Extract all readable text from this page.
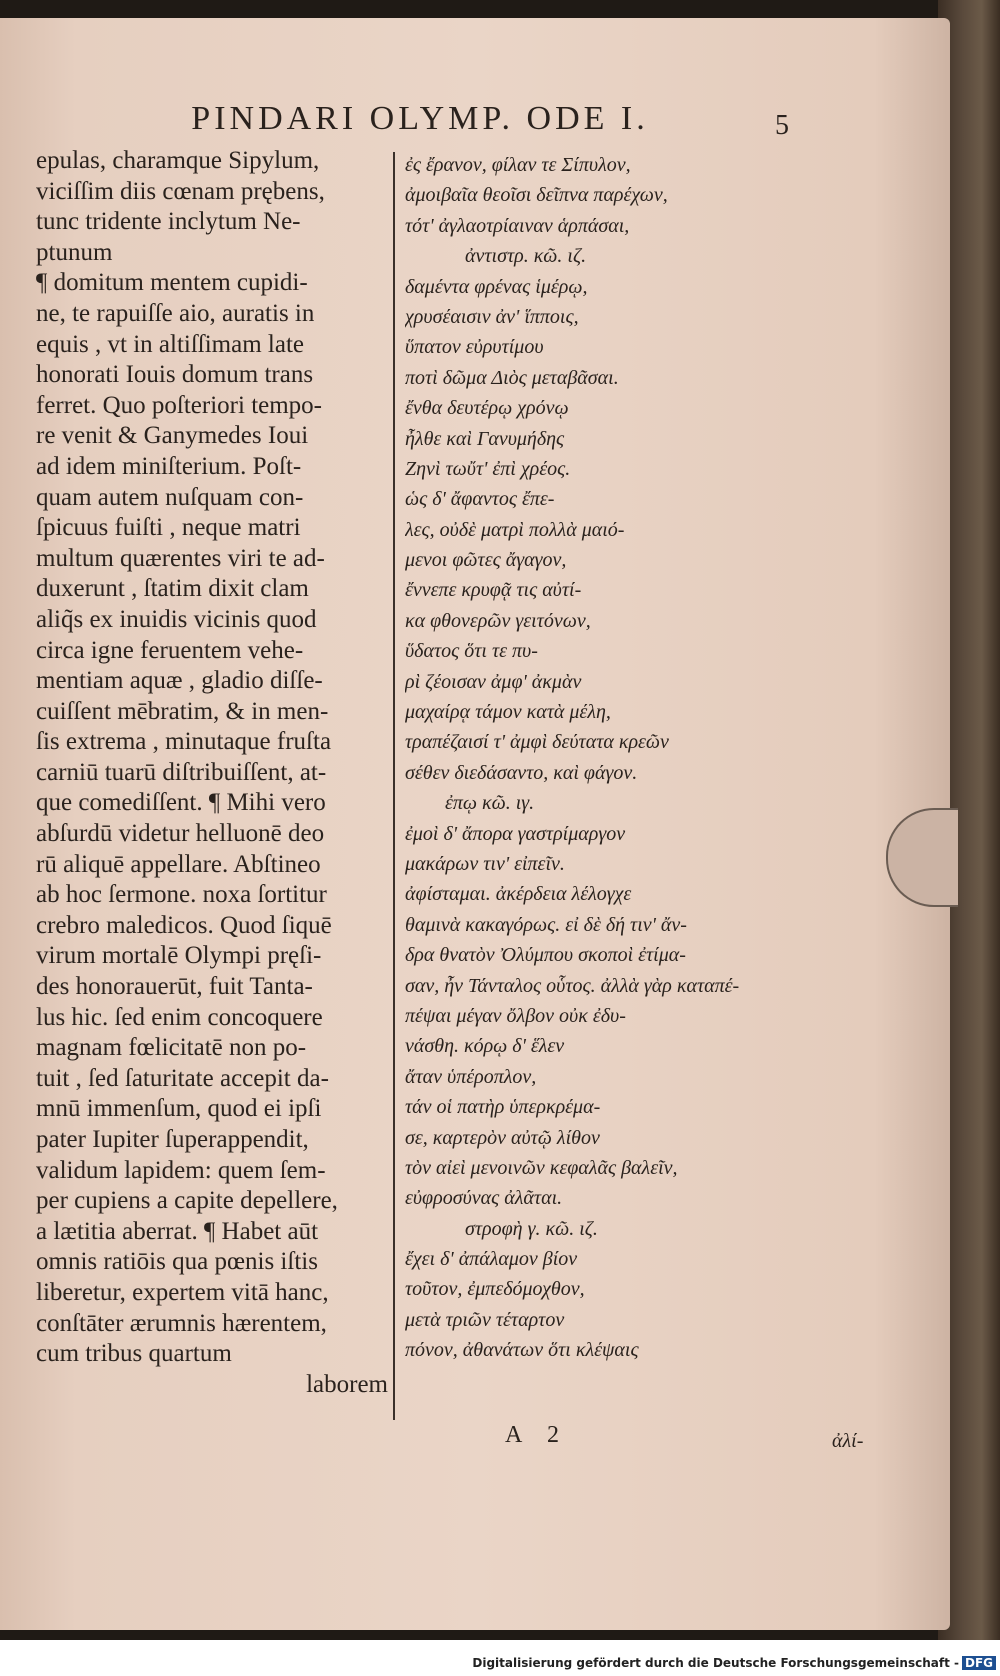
PINDARI OLYMP. ODE I.	5
epulas, charamque Sipylum,
viciſſim diis cœnam prębens,
tunc tridente inclytum Ne-
ptunum
¶ domitum mentem cupidi-
ne, te rapuiſſe aio, auratis in
equis , vt in altiſſimam late
honorati Iouis domum trans
ferret. Quo poſteriori tempo-
re venit & Ganymedes Ioui
ad idem miniſterium. Poſt-
quam autem nuſquam con-
ſpicuus fuiſti , neque matri
multum quærentes viri te ad-
duxerunt , ſtatim dixit clam
aliq̃s ex inuidis vicinis quod
circa igne feruentem vehe-
mentiam aquæ , gladio diſſe-
cuiſſent mēbratim, & in men-
ſis extrema , minutaque fruſta
carniū tuarū diſtribuiſſent, at-
que comediſſent. ¶ Mihi vero
abſurdū videtur helluonē deo
rū aliquē appellare. Abſtineo
ab hoc ſermone. noxa ſortitur
crebro maledicos. Quod ſiquē
virum mortalē Olympi pręſi-
des honorauerūt, fuit Tanta-
lus hic. ſed enim concoquere
magnam fœlicitatē non po-
tuit , ſed ſaturitate accepit da-
mnū immenſum, quod ei ipſi
pater Iupiter ſuperappendit,
validum lapidem: quem ſem-
per cupiens a capite depellere,
a lætitia aberrat. ¶ Habet aūt
omnis ratiōis qua pœnis iſtis
liberetur, expertem vitā hanc,
conſtāter ærumnis hærentem,
cum tribus quartum
laborem
ἐς ἔρανον, φίλαν τε Σίπυλον,
ἀμοιβαῖα θεοῖσι δεῖπνα παρέχων,
τότ' ἀγλαοτρίαιναν ἁρπάσαι,
ἀντιστρ. κῶ. ιζ.
δαμέντα φρένας ἱμέρῳ,
χρυσέαισιν ἀν' ἵπποις,
ὕπατον εὐρυτίμου
ποτὶ δῶμα Διὸς μεταβᾶσαι.
ἔνθα δευτέρῳ χρόνῳ
ἦλθε καὶ Γανυμήδης
Ζηνὶ τωὔτ' ἐπὶ χρέος.
ὡς δ' ἄφαντος ἔπε-
λες, οὐδὲ ματρὶ πολλὰ μαιό-
μενοι φῶτες ἄγαγον,
ἔννεπε κρυφᾷ τις αὐτί-
κα φθονερῶν γειτόνων,
ὕδατος ὅτι τε πυ-
ρὶ ζέοισαν ἀμφ' ἀκμὰν
μαχαίρᾳ τάμον κατὰ μέλη,
τραπέζαισί τ' ἀμφὶ δεύτατα κρεῶν
σέθεν διεδάσαντο, καὶ φάγον.
ἐπῳ κῶ. ιγ.
ἐμοὶ δ' ἄπορα γαστρίμαργον
μακάρων τιν' εἰπεῖν.
ἀφίσταμαι. ἀκέρδεια λέλογχε
θαμινὰ κακαγόρως. εἰ δὲ δή τιν' ἄν-
δρα θνατὸν Ὀλύμπου σκοποὶ ἐτίμα-
σαν, ἦν Τάνταλος οὗτος. ἀλλὰ γὰρ καταπέ-
πέψαι μέγαν ὄλβον οὐκ ἐδυ-
νάσθη. κόρῳ δ' ἕλεν
ἄταν ὑπέροπλον,
τάν οἱ πατὴρ ὑπερκρέμα-
σε, καρτερὸν αὐτῷ λίθον
τὸν αἰεὶ μενοινῶν κεφαλᾶς βαλεῖν,
εὐφροσύνας ἀλᾶται.
στροφὴ γ. κῶ. ιζ.
ἔχει δ' ἀπάλαμον βίον
τοῦτον, ἐμπεδόμοχθον,
μετὰ τριῶν τέταρτον
πόνον, ἀθανάτων ὅτι κλέψαις
A 2	ἀλί-
Digitalisierung gefördert durch die Deutsche Forschungsgemeinschaft - DFG
